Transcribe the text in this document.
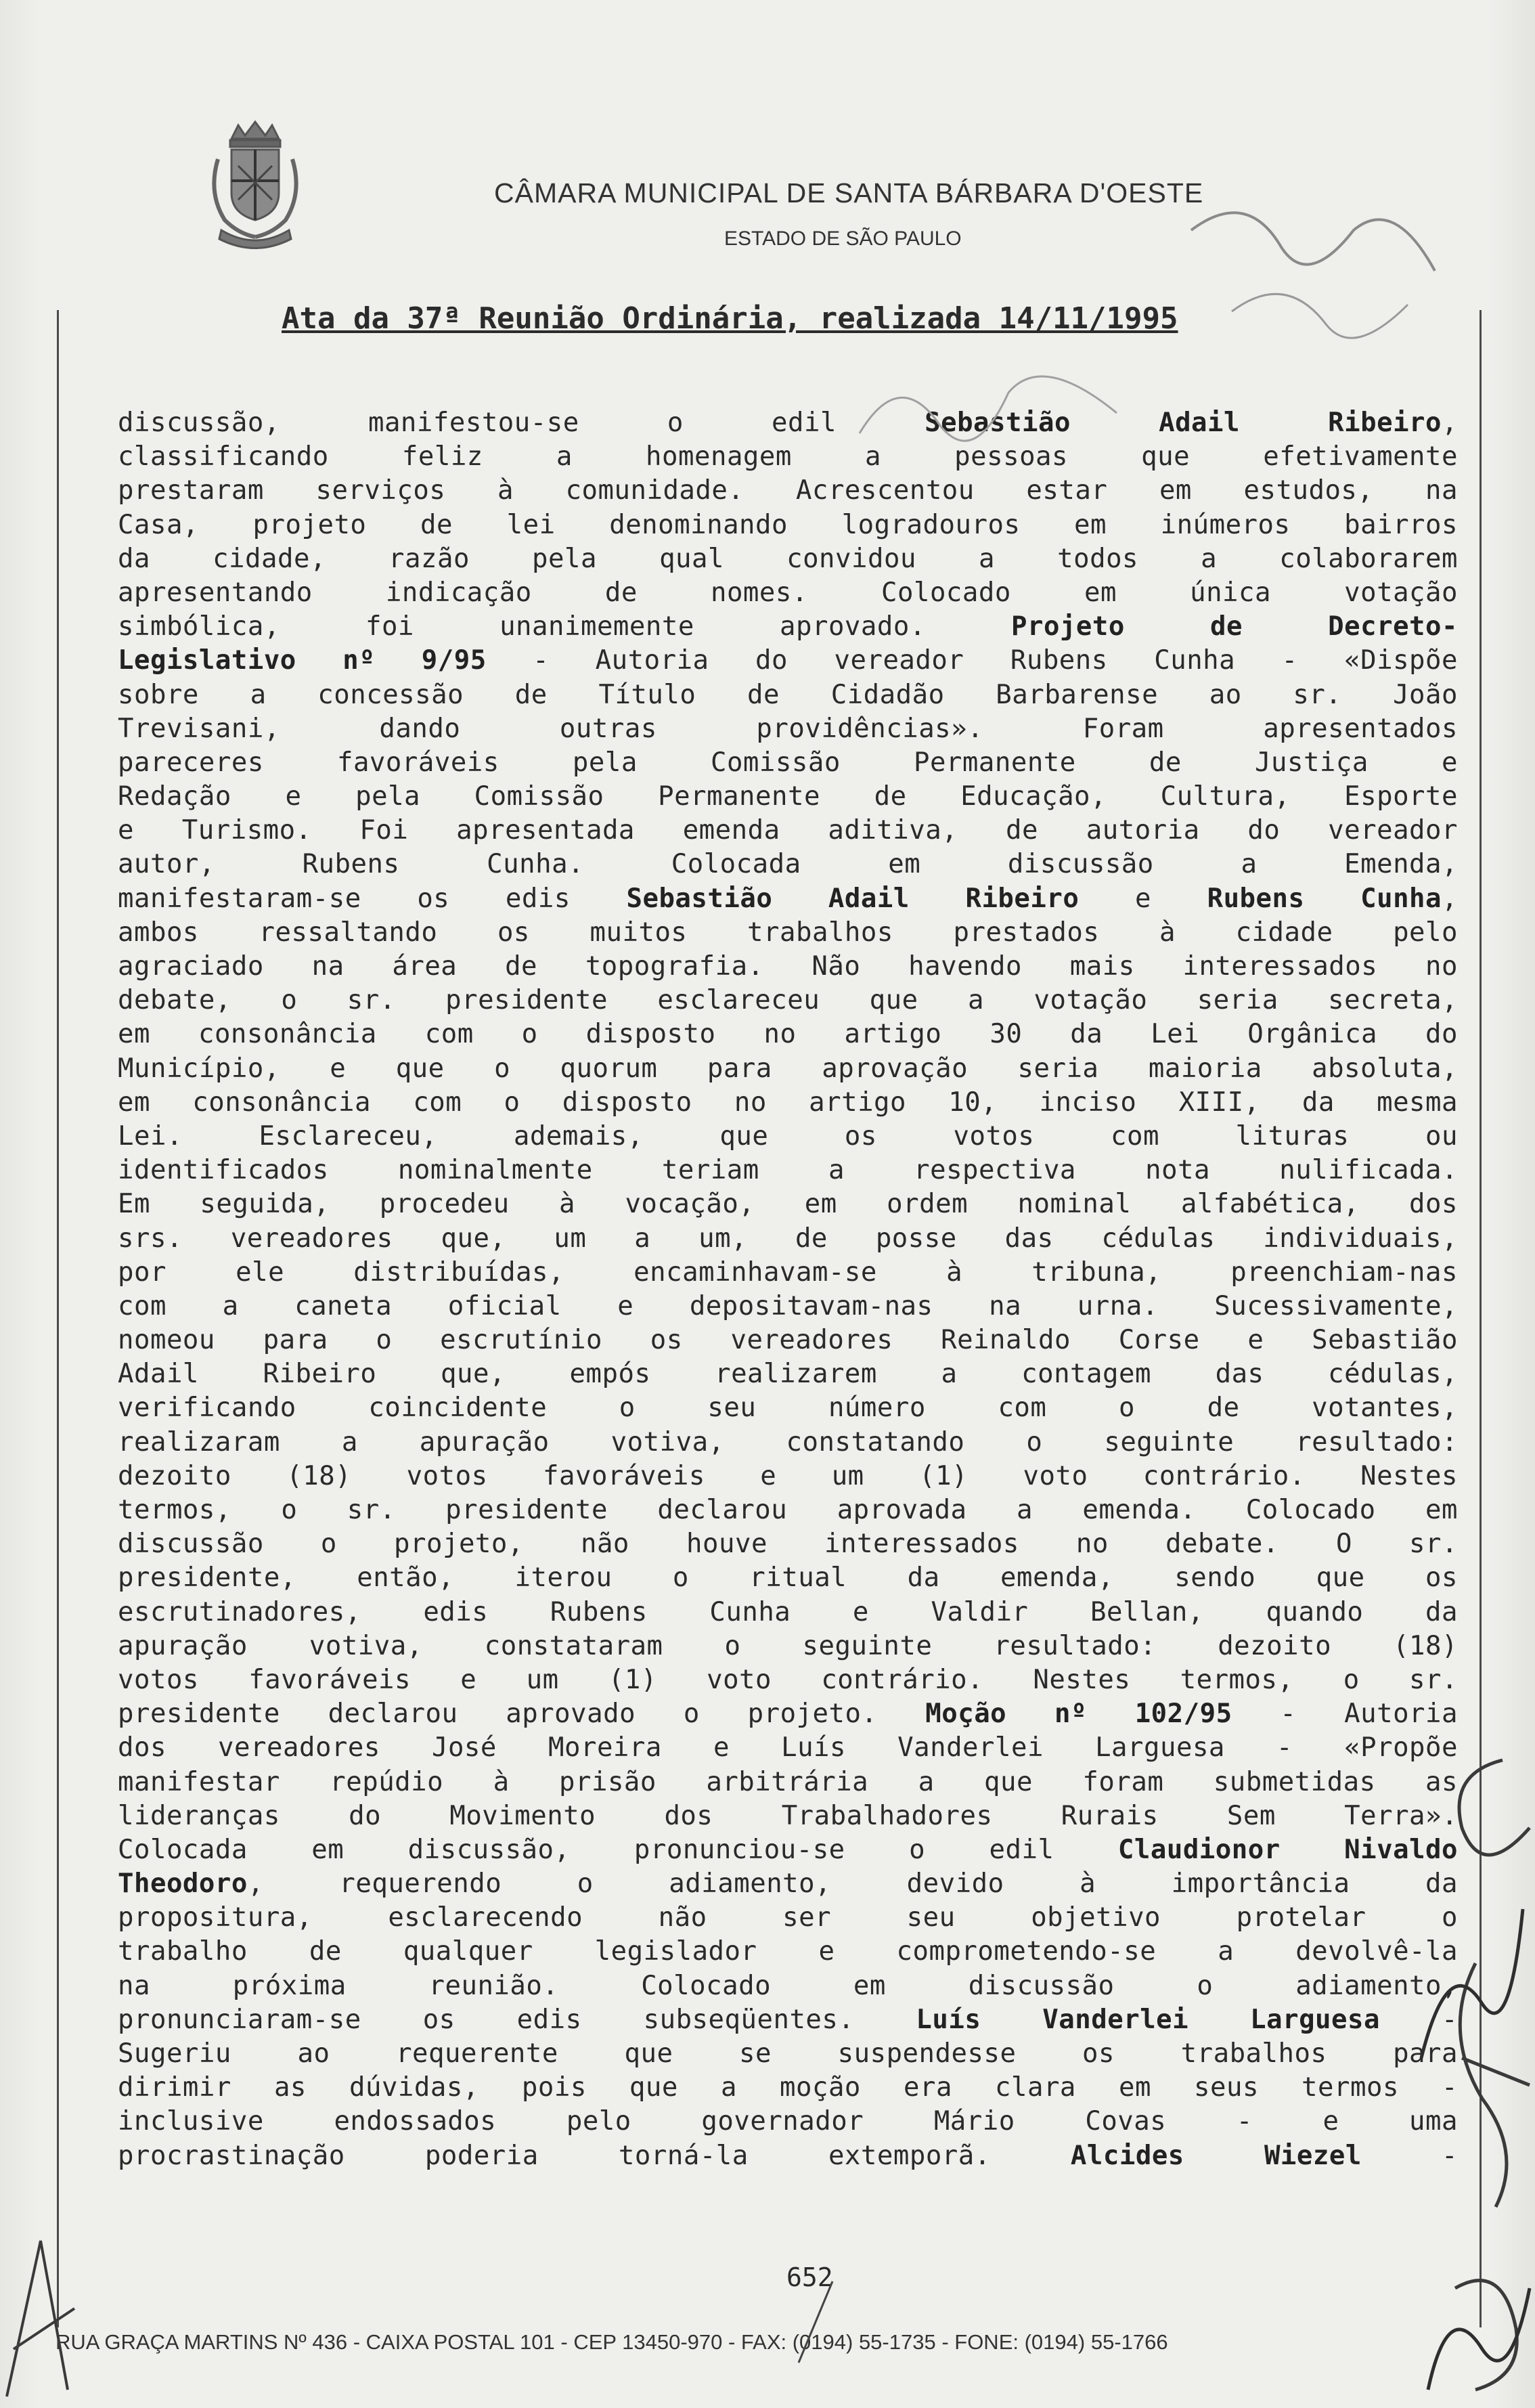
CÂMARA MUNICIPAL DE SANTA BÁRBARA D'OESTE
ESTADO DE SÃO PAULO
Ata da 37ª Reunião Ordinária, realizada 14/11/1995

discussão, manifestou-se o edil Sebastião Adail Ribeiro,

classificando feliz a homenagem a pessoas que efetivamente

prestaram serviços à comunidade. Acrescentou estar em estudos, na

Casa, projeto de lei denominando logradouros em inúmeros bairros

da cidade, razão pela qual convidou a todos a colaborarem

apresentando indicação de nomes. Colocado em única votação

simbólica, foi unanimemente aprovado. Projeto de Decreto-

Legislativo nº 9/95 - Autoria do vereador Rubens Cunha - «Dispõe

sobre a concessão de Título de Cidadão Barbarense ao sr. João

Trevisani, dando outras providências». Foram apresentados

pareceres favoráveis pela Comissão Permanente de Justiça e

Redação e pela Comissão Permanente de Educação, Cultura, Esporte

e Turismo. Foi apresentada emenda aditiva, de autoria do vereador

autor, Rubens Cunha. Colocada em discussão a Emenda,

manifestaram-se os edis Sebastião Adail Ribeiro e Rubens Cunha,

ambos ressaltando os muitos trabalhos prestados à cidade pelo

agraciado na área de topografia. Não havendo mais interessados no

debate, o sr. presidente esclareceu que a votação seria secreta,

em consonância com o disposto no artigo 30 da Lei Orgânica do

Município, e que o quorum para aprovação seria maioria absoluta,

em consonância com o disposto no artigo 10, inciso XIII, da mesma

Lei. Esclareceu, ademais, que os votos com lituras ou

identificados nominalmente teriam a respectiva nota nulificada.

Em seguida, procedeu à vocação, em ordem nominal alfabética, dos

srs. vereadores que, um a um, de posse das cédulas individuais,

por ele distribuídas, encaminhavam-se à tribuna, preenchiam-nas

com a caneta oficial e depositavam-nas na urna. Sucessivamente,

nomeou para o escrutínio os vereadores Reinaldo Corse e Sebastião

Adail Ribeiro que, empós realizarem a contagem das cédulas,

verificando coincidente o seu número com o de votantes,

realizaram a apuração votiva, constatando o seguinte resultado:

dezoito (18) votos favoráveis e um (1) voto contrário. Nestes

termos, o sr. presidente declarou aprovada a emenda. Colocado em

discussão o projeto, não houve interessados no debate. O sr.

presidente, então, iterou o ritual da emenda, sendo que os

escrutinadores, edis Rubens Cunha e Valdir Bellan, quando da

apuração votiva, constataram o seguinte resultado: dezoito (18)

votos favoráveis e um (1) voto contrário. Nestes termos, o sr.

presidente declarou aprovado o projeto. Moção nº 102/95 - Autoria

dos vereadores José Moreira e Luís Vanderlei Larguesa - «Propõe

manifestar repúdio à prisão arbitrária a que foram submetidas as

lideranças do Movimento dos Trabalhadores Rurais Sem Terra».

Colocada em discussão, pronunciou-se o edil Claudionor Nivaldo

Theodoro, requerendo o adiamento, devido à importância da

propositura, esclarecendo não ser seu objetivo protelar o

trabalho de qualquer legislador e comprometendo-se a devolvê-la

na próxima reunião. Colocado em discussão o adiamento,

pronunciaram-se os edis subseqüentes. Luís Vanderlei Larguesa -

Sugeriu ao requerente que se suspendesse os trabalhos para

dirimir as dúvidas, pois que a moção era clara em seus termos -

inclusive endossados pelo governador Mário Covas - e uma

procrastinação poderia torná-la extemporã. Alcides Wiezel -

652
RUA GRAÇA MARTINS Nº 436 - CAIXA POSTAL 101 - CEP 13450-970 - FAX: (0194) 55-1735 - FONE: (0194) 55-1766
